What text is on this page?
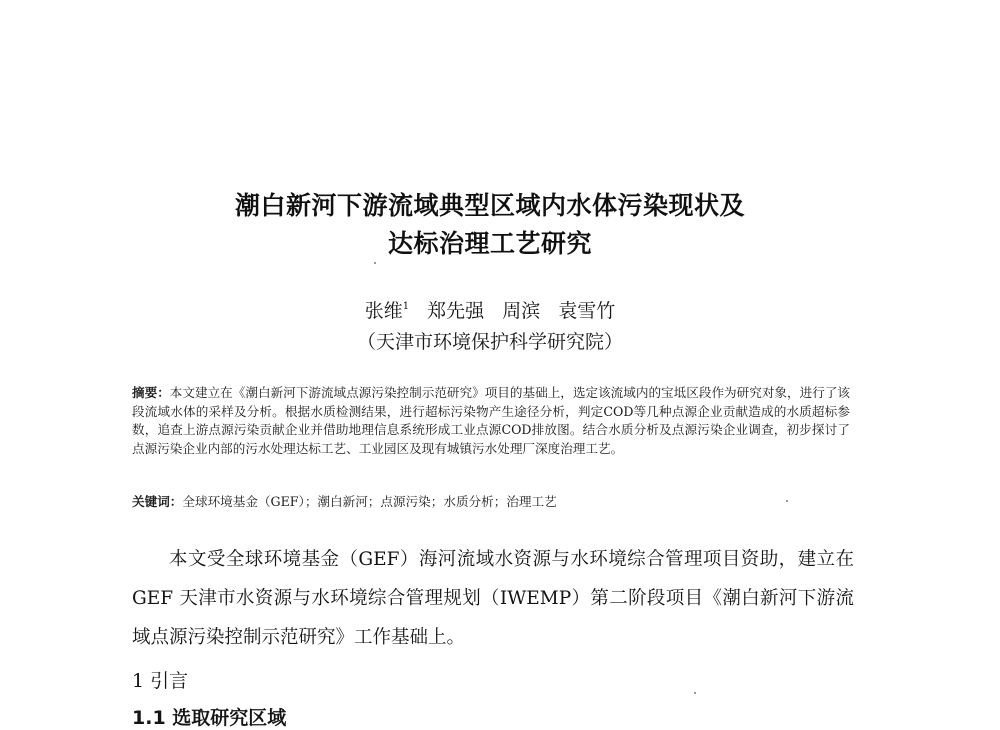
潮白新河下游流域典型区域内水体污染现状及
达标治理工艺研究
张维$^1$ 郑先强 周滨 袁雪竹
（天津市环境保护科学研究院）
摘要：本文建立在《潮白新河下游流域点源污染控制示范研究》项目的基础上，选定该流域内的宝坻区段作为研究对象，进行了该段流域水体的采样及分析。根据水质检测结果，进行超标污染物产生途径分析，判定COD等几种点源企业贡献造成的水质超标参数，追查上游点源污染贡献企业并借助地理信息系统形成工业点源COD排放图。结合水质分析及点源污染企业调查，初步探讨了点源污染企业内部的污水处理达标工艺、工业园区及现有城镇污水处理厂深度治理工艺。
关键词：全球环境基金（GEF）；潮白新河；点源污染；水质分析；治理工艺
本文受全球环境基金（GEF）海河流域水资源与水环境综合管理项目资助，建立在 GEF 天津市水资源与水环境综合管理规划（IWEMP）第二阶段项目《潮白新河下游流域点源污染控制示范研究》工作基础上。
1 引言
1.1 选取研究区域
